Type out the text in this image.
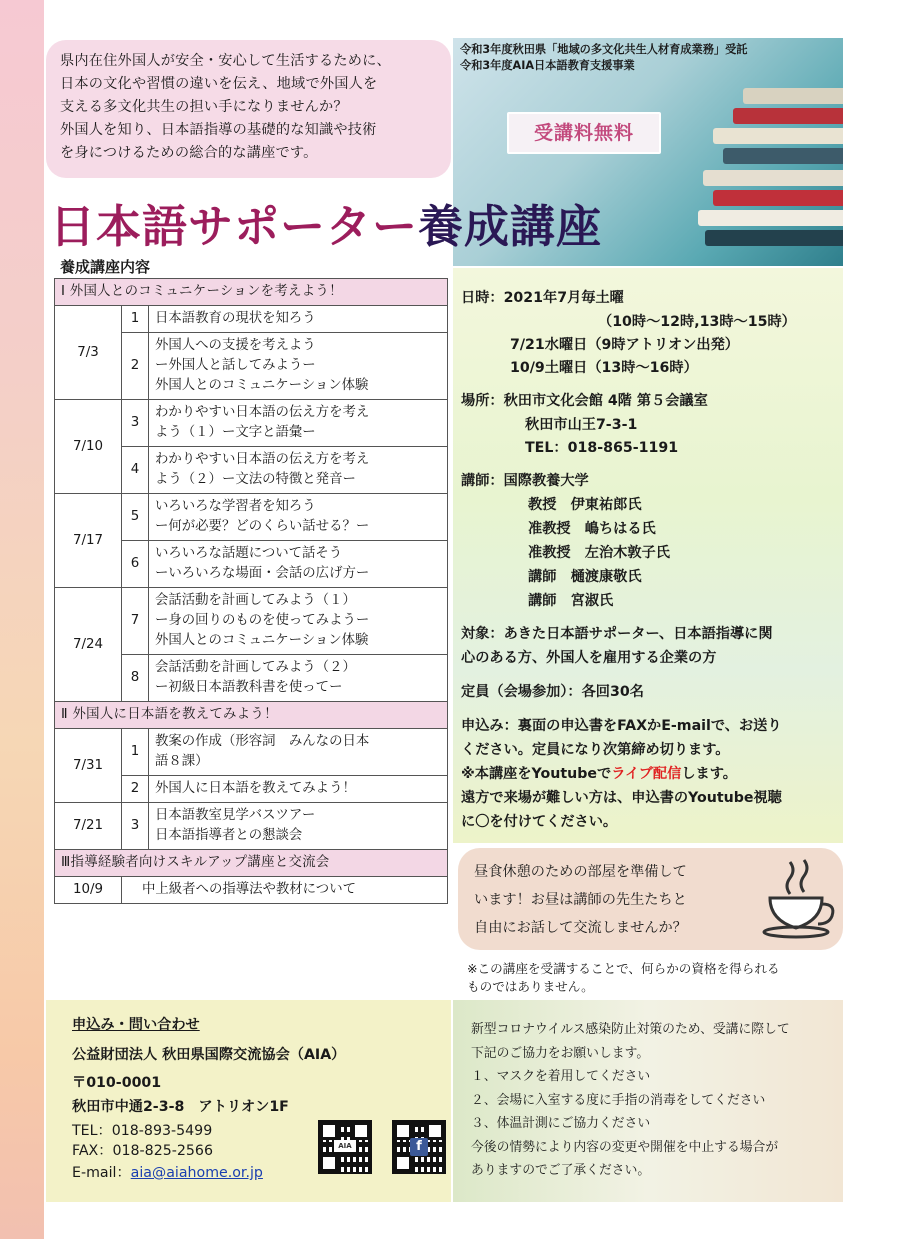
県内在住外国人が安全・安心して生活するために、
日本の文化や習慣の違いを伝え、地域で外国人を
支える多文化共生の担い手になりませんか？
外国人を知り、日本語指導の基礎的な知識や技術
を身につけるための総合的な講座です。
令和3年度秋田県「地域の多文化共生人材育成業務」受託
令和3年度AIA日本語教育支援事業
受講料無料
日本語サポーター養成講座
養成講座内容
Ⅰ 外国人とのコミュニケーションを考えよう！		
7/3	1	日本語教育の現状を知ろう

	2	外国人への支援を考えよう
ー外国人と話してみようー
外国人とのコミュニケーション体験

7/10	3	わかりやすい日本語の伝え方を考え
よう（１）ー文字と語彙ー

	4	わかりやすい日本語の伝え方を考え
よう（２）ー文法の特徴と発音ー

7/17	5	いろいろな学習者を知ろう
ー何が必要？どのくらい話せる？ー

	6	いろいろな話題について話そう
ーいろいろな場面・会話の広げ方ー

7/24	7	会話活動を計画してみよう（１）
ー身の回りのものを使ってみようー
外国人とのコミュニケーション体験

	8	会話活動を計画してみよう（２）
ー初級日本語教科書を使ってー

Ⅱ 外国人に日本語を教えてみよう！		
7/31	1	教案の作成（形容詞　みんなの日本
語８課）

	2	外国人に日本語を教えてみよう！

7/21	3	日本語教室見学バスツアー
日本語指導者との懇談会

Ⅲ指導経験者向けスキルアップ講座と交流会		
10/9	中上級者への指導法や教材について	
日時：2021年7月毎土曜
（10時～12時,13時～15時）
7/21水曜日（9時アトリオン出発）
10/9土曜日（13時～16時）
場所：秋田市文化会館 4階 第５会議室
秋田市山王7-3-1
TEL：018-865-1191
講師：国際教養大学
教授　伊東祐郎氏
准教授　嶋ちはる氏
准教授　左治木敦子氏
講師　樋渡康敬氏
講師　宮淑氏
対象：あきた日本語サポーター、日本語指導に関
心のある方、外国人を雇用する企業の方
定員（会場参加）：各回30名
申込み：裏面の申込書をFAXかE-mailで、お送り
ください。定員になり次第締め切ります。
※本講座をYoutubeでライブ配信します。
遠方で来場が難しい方は、申込書のYoutube視聴
に〇を付けてください。
昼食休憩のための部屋を準備して
います！お昼は講師の先生たちと
自由にお話して交流しませんか？
※この講座を受講することで、何らかの資格を得られる
ものではありません。
申込み・問い合わせ
公益財団法人 秋田県国際交流協会（AIA）
〒010-0001
秋田市中通2-3-8　アトリオン1F
TEL：018-893-5499
FAX：018-825-2566
E-mail：aia@aiahome.or.jp
AIA	f
新型コロナウイルス感染防止対策のため、受講に際して
下記のご協力をお願いします。
１、マスクを着用してください
２、会場に入室する度に手指の消毒をしてください
３、体温計測にご協力ください
今後の情勢により内容の変更や開催を中止する場合が
ありますのでご了承ください。
